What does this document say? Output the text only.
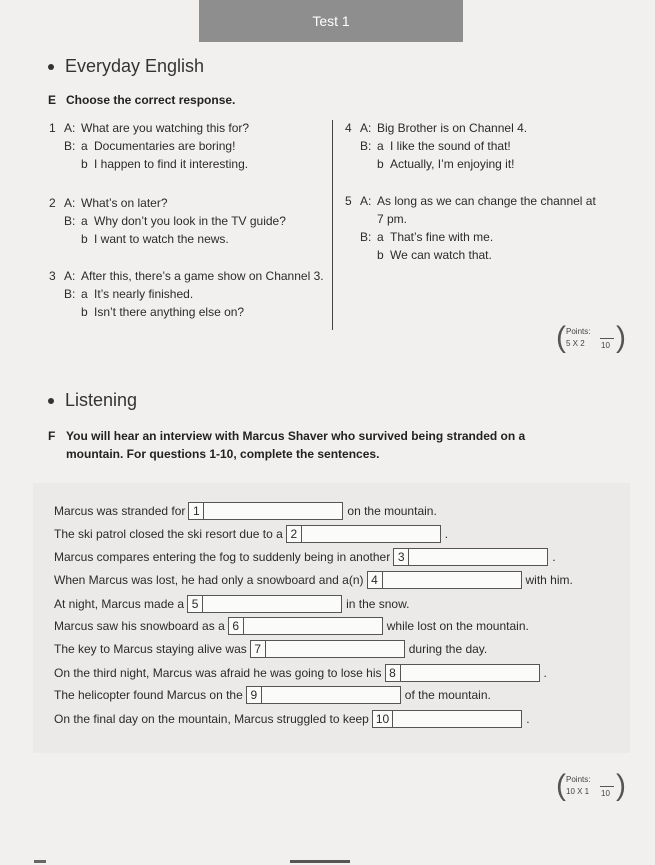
Test 1
Everyday English
E Choose the correct response.
1 A: What are you watching this for?
B: a Documentaries are boring!
b I happen to find it interesting.
2 A: What’s on later?
B: a Why don’t you look in the TV guide?
b I want to watch the news.
3 A: After this, there’s a game show on Channel 3.
B: a It’s nearly finished.
b Isn’t there anything else on?
4 A: Big Brother is on Channel 4.
B: a I like the sound of that!
b Actually, I’m enjoying it!
5 A: As long as we can change the channel at
7 pm.
B: a That’s fine with me.
b We can watch that.
( Points:
5 X 2 10 )
Listening
F You will hear an interview with Marcus Shaver who survived being stranded on a
mountain. For questions 1-10, complete the sentences.
Marcus was stranded for 1	on the mountain.
The ski patrol closed the ski resort due to a 2	.
Marcus compares entering the fog to suddenly being in another 3	.
When Marcus was lost, he had only a snowboard and a(n) 4	with him.
At night, Marcus made a 5	in the snow.
Marcus saw his snowboard as a 6	while lost on the mountain.
The key to Marcus staying alive was 7	during the day.
On the third night, Marcus was afraid he was going to lose his 8	.
The helicopter found Marcus on the 9	of the mountain.
On the final day on the mountain, Marcus struggled to keep 10	.
( Points:
10 X 1 10 )
